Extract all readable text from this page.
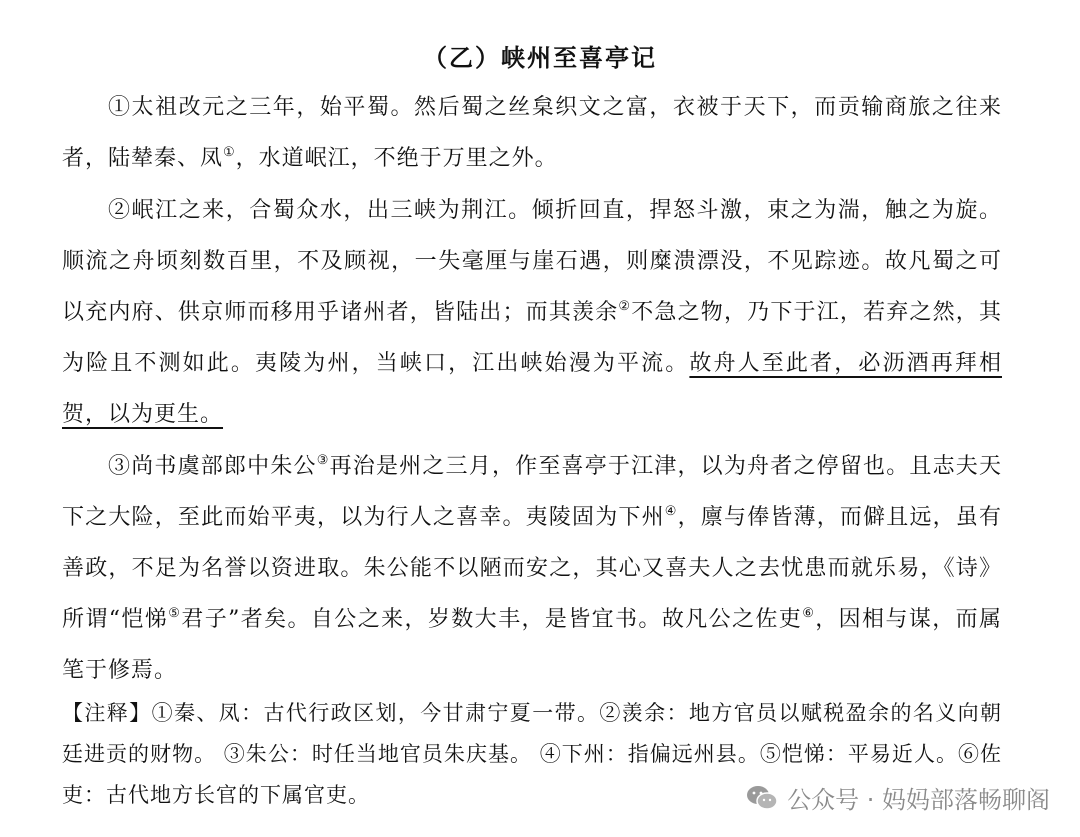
（乙）峡州至喜亭记
①太祖改元之三年，始平蜀。然后蜀之丝枲织文之富，衣被于天下，而贡输商旅之往来者，陆辇秦、凤①，水道岷江，不绝于万里之外。
②岷江之来，合蜀众水，出三峡为荆江。倾折回直，捍怒斗激，束之为湍，触之为旋。顺流之舟顷刻数百里，不及顾视，一失毫厘与崖石遇，则糜溃漂没，不见踪迹。故凡蜀之可以充内府、供京师而移用乎诸州者，皆陆出；而其羡余②不急之物，乃下于江，若弃之然，其为险且不测如此。夷陵为州，当峡口，江出峡始漫为平流。故舟人至此者，必沥酒再拜相贺，以为更生。
③尚书虞部郎中朱公③再治是州之三月，作至喜亭于江津，以为舟者之停留也。且志夫天下之大险，至此而始平夷，以为行人之喜幸。夷陵固为下州④，廪与俸皆薄，而僻且远，虽有善政，不足为名誉以资进取。朱公能不以陋而安之，其心又喜夫人之去忧患而就乐易，《诗》所谓“恺悌⑤君子”者矣。自公之来，岁数大丰，是皆宜书。故凡公之佐吏⑥，因相与谋，而属笔于修焉。
【注释】①秦、凤：古代行政区划，今甘肃宁夏一带。②羡余：地方官员以赋税盈余的名义向朝廷进贡的财物。 ③朱公：时任当地官员朱庆基。 ④下州：指偏远州县。⑤恺悌：平易近人。⑥佐吏：古代地方长官的下属官吏。	公众号 · 妈妈部落畅聊阁
